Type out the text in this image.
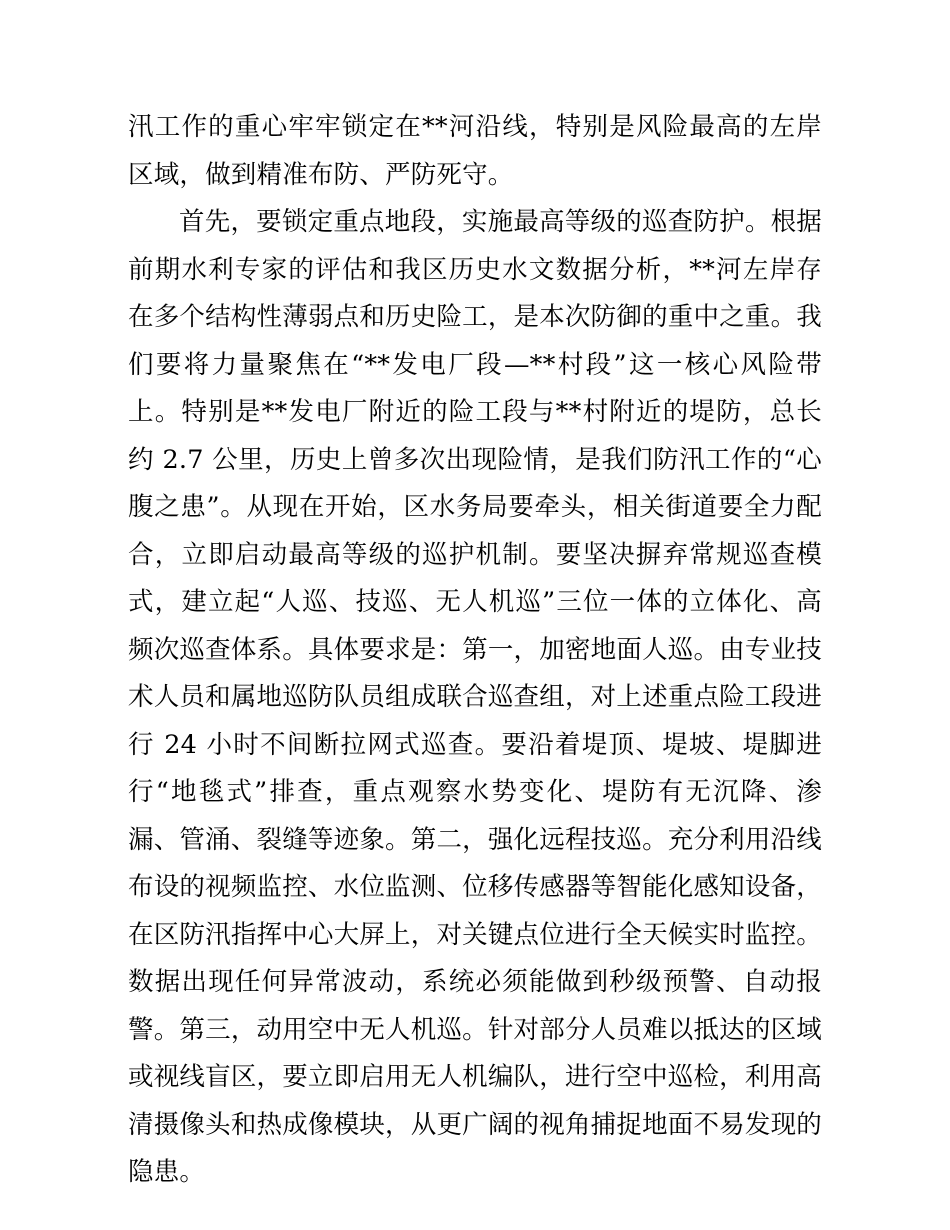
汛工作的重心牢牢锁定在**河沿线，特别是风险最高的左岸区域，做到精准布防、严防死守。

首先，要锁定重点地段，实施最高等级的巡查防护。根据前期水利专家的评估和我区历史水文数据分析，**河左岸存在多个结构性薄弱点和历史险工，是本次防御的重中之重。我们要将力量聚焦在“**发电厂段—**村段”这一核心风险带上。特别是**发电厂附近的险工段与**村附近的堤防，总长约 2.7 公里，历史上曾多次出现险情，是我们防汛工作的“心腹之患”。从现在开始，区水务局要牵头，相关街道要全力配合，立即启动最高等级的巡护机制。要坚决摒弃常规巡查模式，建立起“人巡、技巡、无人机巡”三位一体的立体化、高频次巡查体系。具体要求是：第一，加密地面人巡。由专业技术人员和属地巡防队员组成联合巡查组，对上述重点险工段进行 24 小时不间断拉网式巡查。要沿着堤顶、堤坡、堤脚进行“地毯式”排查，重点观察水势变化、堤防有无沉降、渗漏、管涌、裂缝等迹象。第二，强化远程技巡。充分利用沿线布设的视频监控、水位监测、位移传感器等智能化感知设备，在区防汛指挥中心大屏上，对关键点位进行全天候实时监控。数据出现任何异常波动，系统必须能做到秒级预警、自动报警。第三，动用空中无人机巡。针对部分人员难以抵达的区域或视线盲区，要立即启用无人机编队，进行空中巡检，利用高清摄像头和热成像模块，从更广阔的视角捕捉地面不易发现的隐患。
